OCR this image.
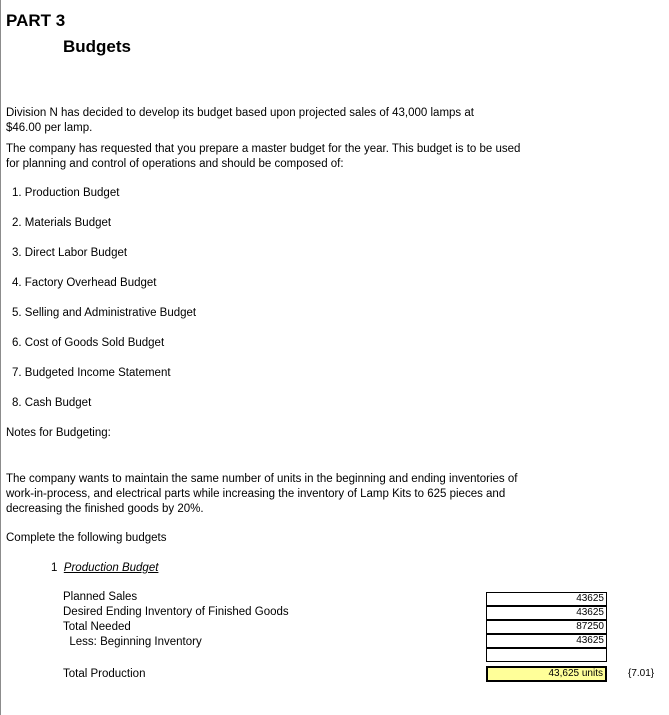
PART 3
Budgets
Division N has decided to develop its budget based upon projected sales of 43,000 lamps at
$46.00 per lamp.
The company has requested that you prepare a master budget for the year. This budget is to be used
for planning and control of operations and should be composed of:
1. Production Budget
2. Materials Budget
3. Direct Labor Budget
4. Factory Overhead Budget
5. Selling and Administrative Budget
6. Cost of Goods Sold Budget
7. Budgeted Income Statement
8. Cash Budget
Notes for Budgeting:
The company wants to maintain the same number of units in the beginning and ending inventories of
work-in-process, and electrical parts while increasing the inventory of Lamp Kits to 625 pieces and
decreasing the finished goods by 20%.
Complete the following budgets
1 Production Budget
Planned Sales
Desired Ending Inventory of Finished Goods
Total Needed
Less: Beginning Inventory
43625
43625
87250
43625
Total Production	43,625 units	{7.01}
